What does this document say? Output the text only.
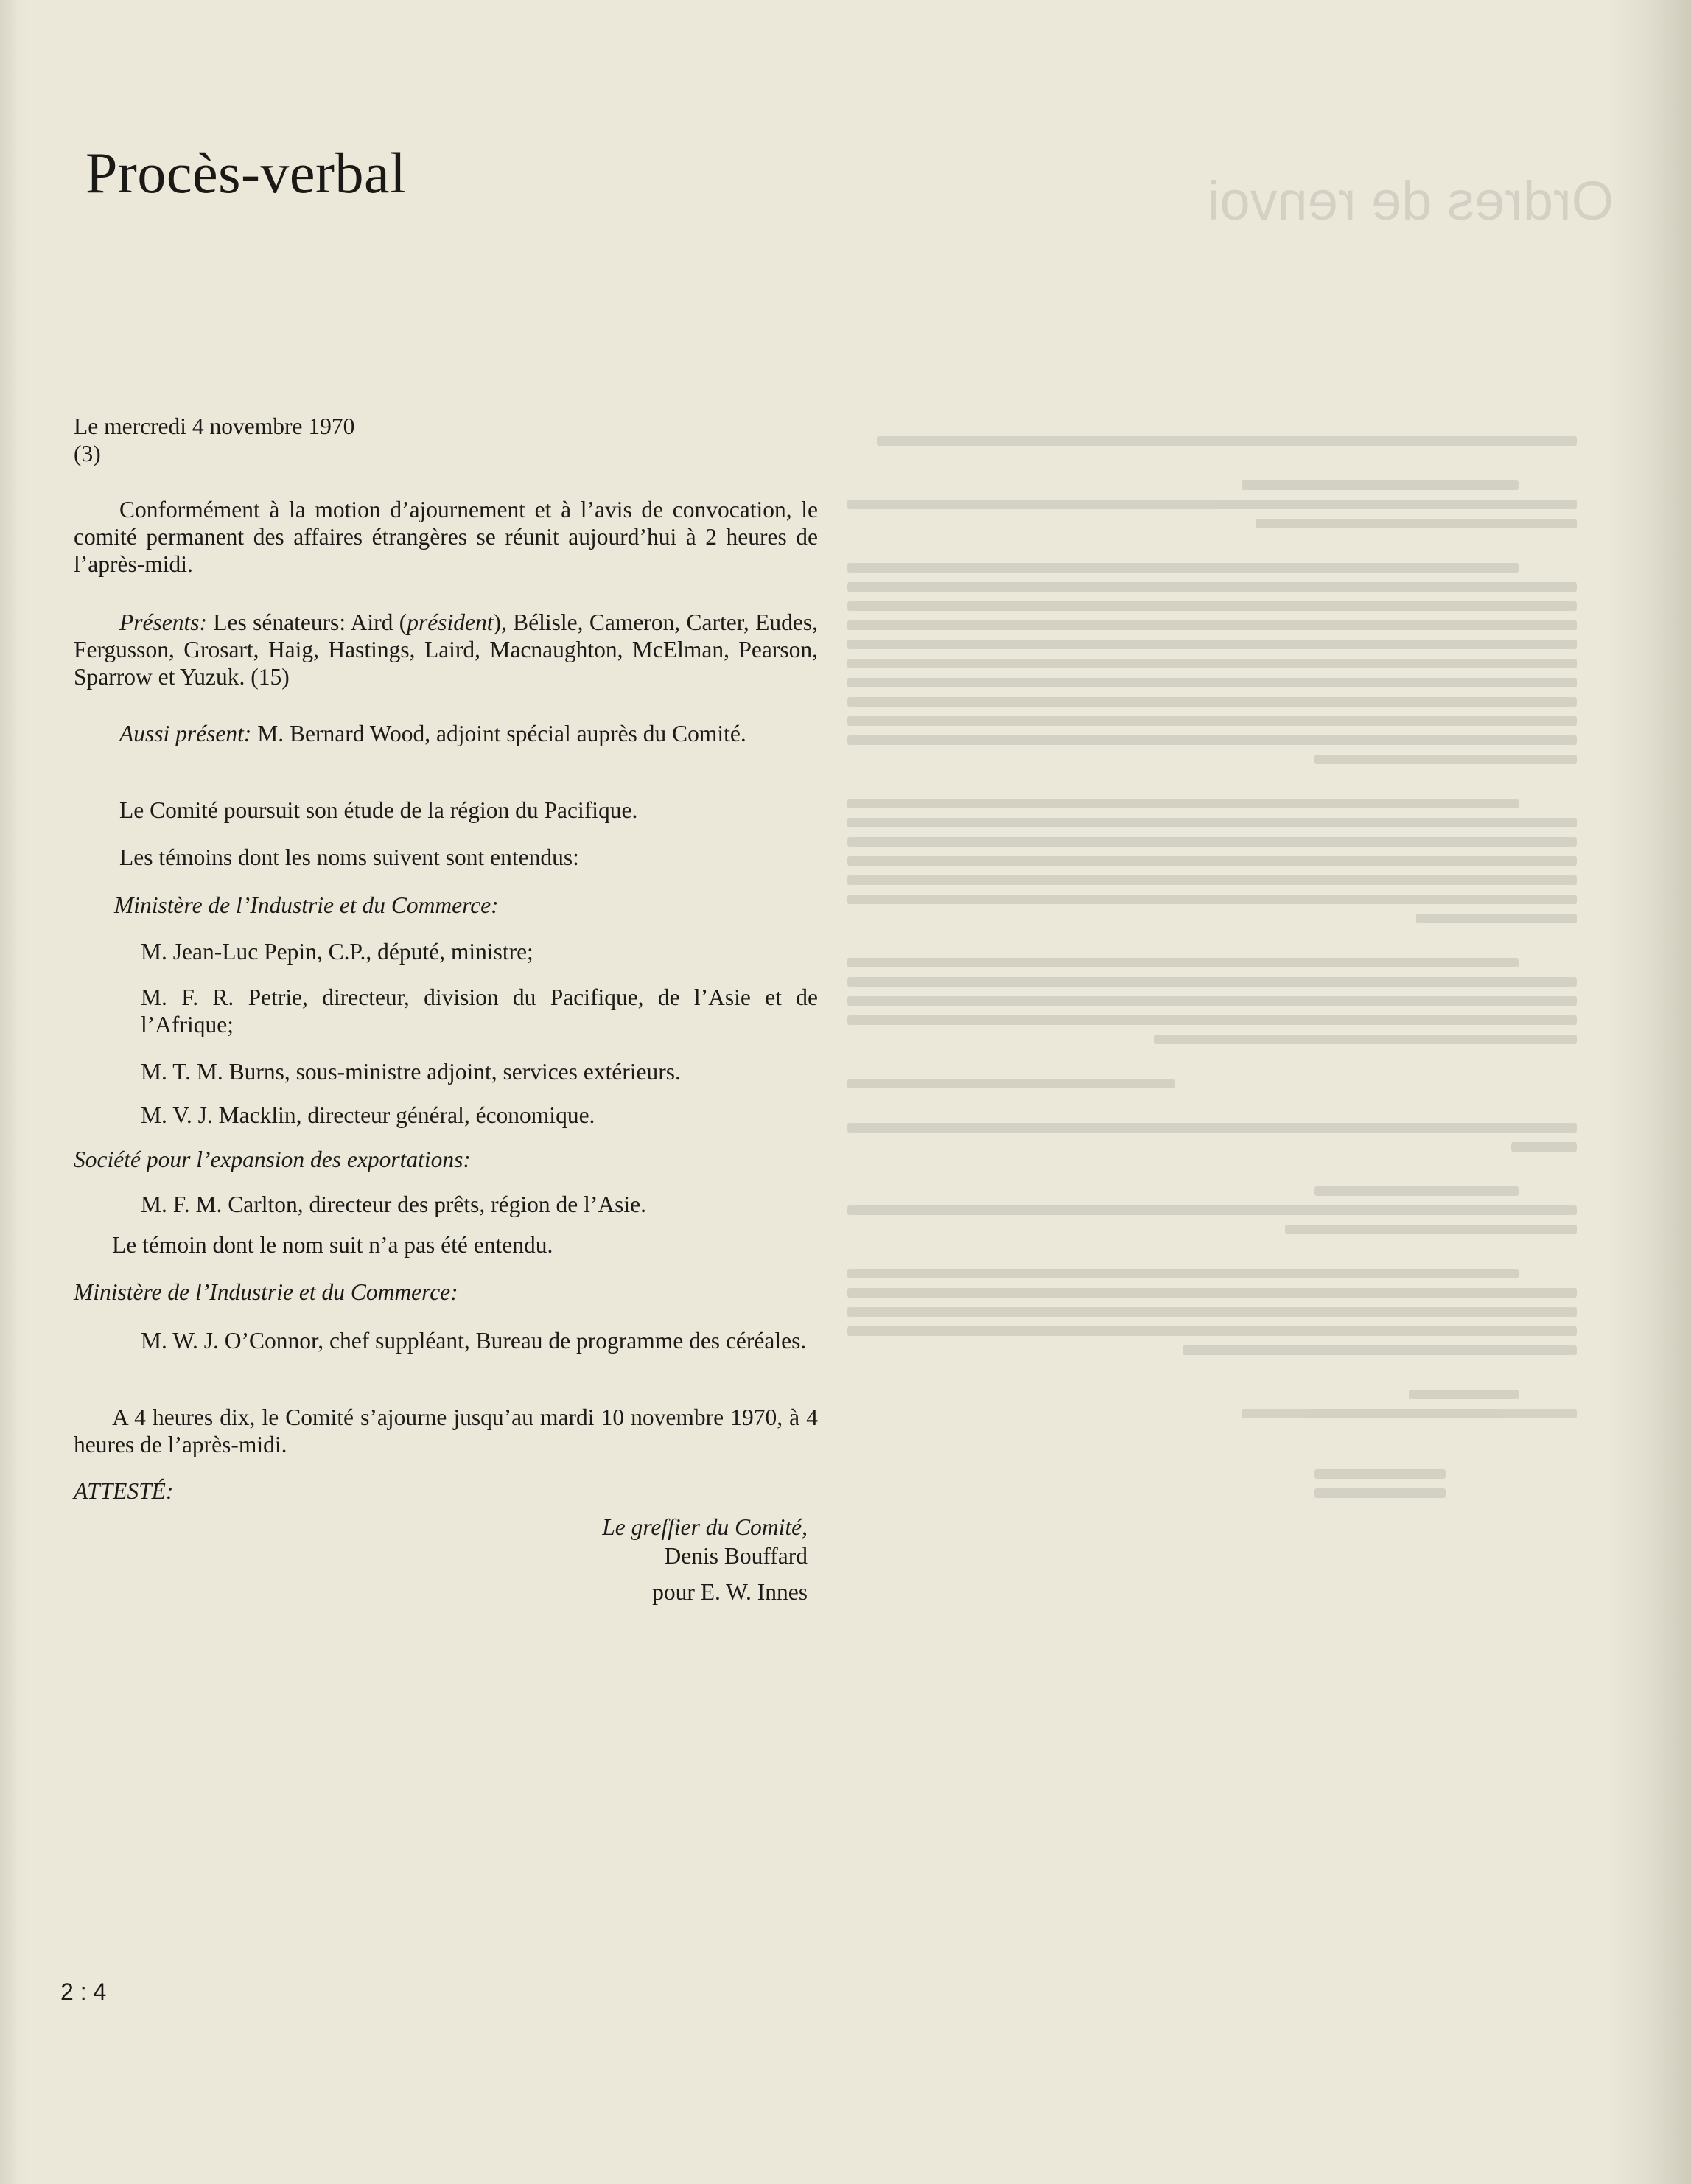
Ordres de renvoi
Procès-verbal
Le mercredi 4 novembre 1970
(3)
Conformément à la motion d’ajournement et à l’avis de convocation, le comité permanent des affaires étrangères se réunit aujourd’hui à 2 heures de l’après-midi.
Présents: Les sénateurs: Aird (président), Bélisle, Cameron, Carter, Eudes, Fergusson, Grosart, Haig, Hastings, Laird, Macnaughton, McElman, Pearson, Sparrow et Yuzuk. (15)
Aussi présent: M. Bernard Wood, adjoint spécial auprès du Comité.
Le Comité poursuit son étude de la région du Pacifique.
Les témoins dont les noms suivent sont entendus:
Ministère de l’Industrie et du Commerce:
M. Jean-Luc Pepin, C.P., député, ministre;
M. F. R. Petrie, directeur, division du Pacifique, de l’Asie et de l’Afrique;
M. T. M. Burns, sous-ministre adjoint, services extérieurs.
M. V. J. Macklin, directeur général, économique.
Société pour l’expansion des exportations:
M. F. M. Carlton, directeur des prêts, région de l’Asie.
Le témoin dont le nom suit n’a pas été entendu.
Ministère de l’Industrie et du Commerce:
M. W. J. O’Connor, chef suppléant, Bureau de programme des céréales.
A 4 heures dix, le Comité s’ajourne jusqu’au mardi 10 novembre 1970, à 4 heures de l’après-midi.
ATTESTÉ:
Le greffier du Comité,
Denis Bouffard
pour E. W. Innes
2 : 4
